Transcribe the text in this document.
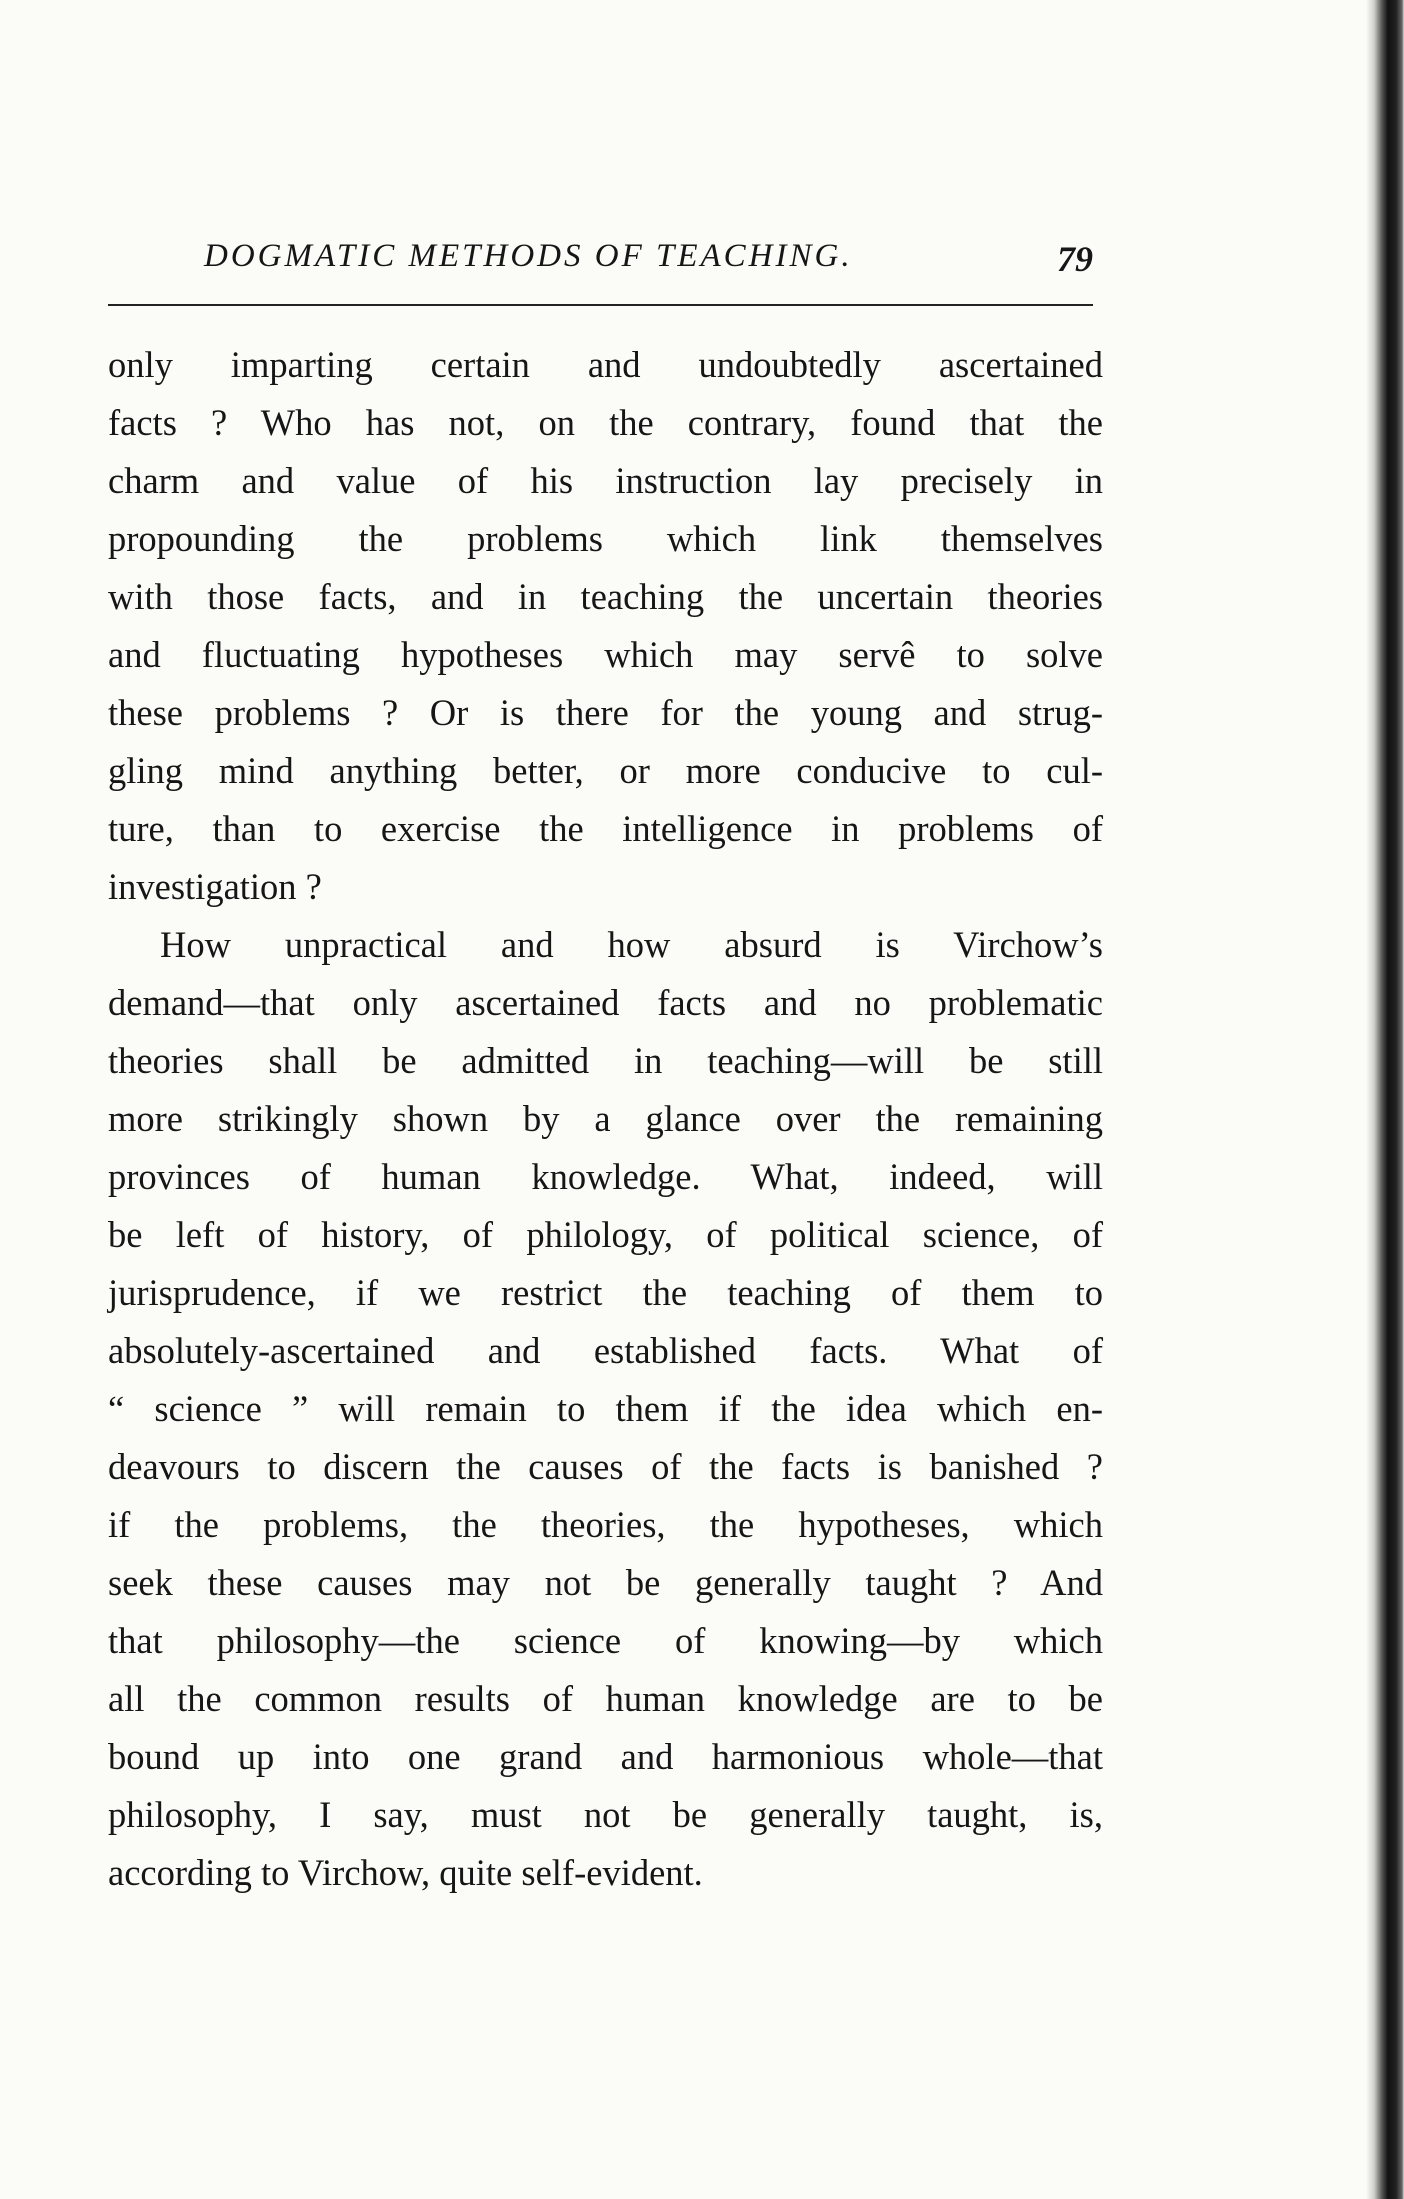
DOGMATIC METHODS OF TEACHING.	79
only imparting certain and undoubtedly ascertained
facts ? Who has not, on the contrary, found that the
charm and value of his instruction lay precisely in
propounding the problems which link themselves
with those facts, and in teaching the uncertain theories
and fluctuating hypotheses which may servê to solve
these problems ? Or is there for the young and strug-
gling mind anything better, or more conducive to cul-
ture, than to exercise the intelligence in problems of
investigation ?
How unpractical and how absurd is Virchow’s
demand—that only ascertained facts and no problematic
theories shall be admitted in teaching—will be still
more strikingly shown by a glance over the remaining
provinces of human knowledge. What, indeed, will
be left of history, of philology, of political science, of
jurisprudence, if we restrict the teaching of them to
absolutely-ascertained and established facts. What of
“ science ” will remain to them if the idea which en-
deavours to discern the causes of the facts is banished ?
if the problems, the theories, the hypotheses, which
seek these causes may not be generally taught ? And
that philosophy—the science of knowing—by which
all the common results of human knowledge are to be
bound up into one grand and harmonious whole—that
philosophy, I say, must not be generally taught, is,
according to Virchow, quite self-evident.
